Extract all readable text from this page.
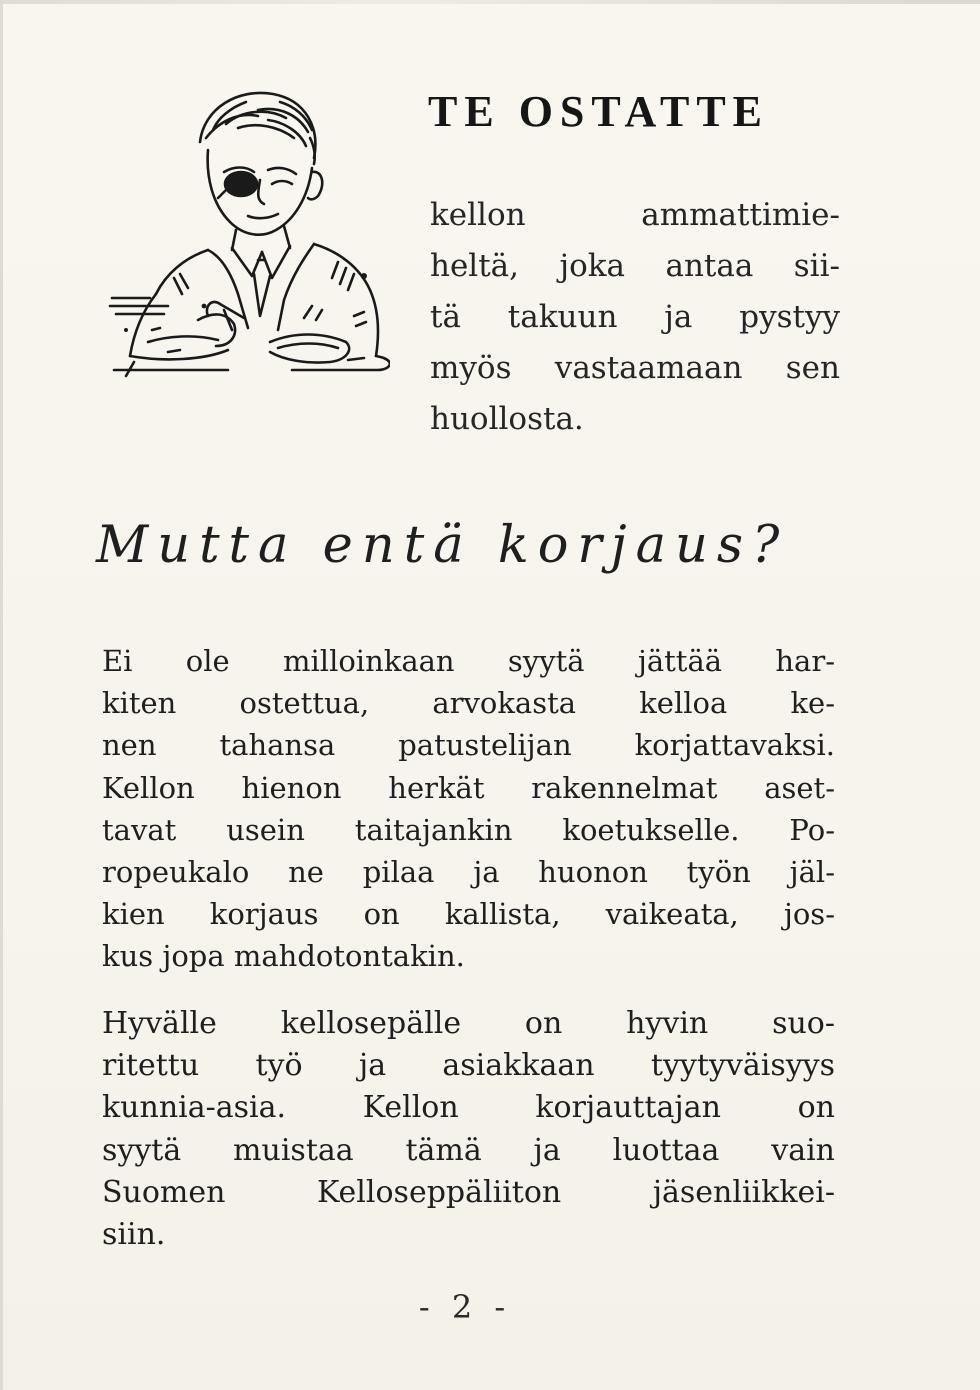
TE OSTATTE
kellon ammattimie-
heltä, joka antaa sii-
tä takuun ja pystyy
myös vastaamaan sen
huollosta.
Mutta entä korjaus?
Ei ole milloinkaan syytä jättää har-
kiten ostettua, arvokasta kelloa ke-
nen tahansa patustelijan korjattavaksi.
Kellon hienon herkät rakennelmat aset-
tavat usein taitajankin koetukselle. Po-
ropeukalo ne pilaa ja huonon työn jäl-
kien korjaus on kallista, vaikeata, jos-
kus jopa mahdotontakin.
Hyvälle kellosepälle on hyvin suo-
ritettu työ ja asiakkaan tyytyväisyys
kunnia-asia. Kellon korjauttajan on
syytä muistaa tämä ja luottaa vain
Suomen Kelloseppäliiton jäsenliikkei-
siin.
- 2 -
